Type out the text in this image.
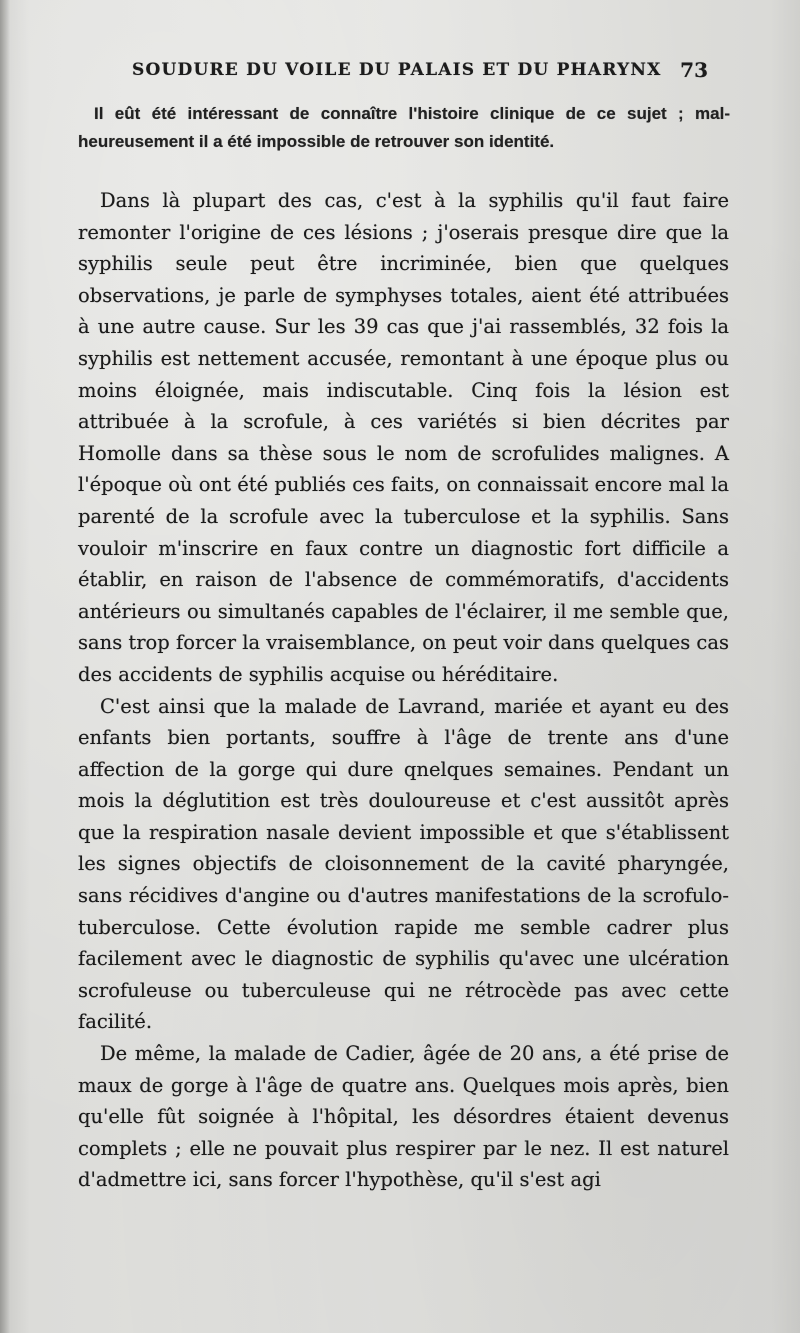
SOUDURE DU VOILE DU PALAIS ET DU PHARYNX 73
Il eût été intéressant de connaître l'histoire clinique de ce sujet ; mal-
heureusement il a été impossible de retrouver son identité.

Dans là plupart des cas, c'est à la syphilis qu'il faut faire remonter l'origine de ces lésions ; j'oserais presque dire que la syphilis seule peut être incriminée, bien que quelques observations, je parle de symphyses totales, aient été attribuées à une autre cause. Sur les 39 cas que j'ai rassemblés, 32 fois la syphilis est nettement accusée, remontant à une époque plus ou moins éloignée, mais indiscutable. Cinq fois la lésion est attribuée à la scrofule, à ces variétés si bien décrites par Homolle dans sa thèse sous le nom de scrofulides malignes. A l'époque où ont été publiés ces faits, on connaissait encore mal la parenté de la scrofule avec la tuberculose et la syphilis. Sans vouloir m'inscrire en faux contre un diagnostic fort difficile a établir, en raison de l'absence de commémoratifs, d'accidents antérieurs ou simultanés capables de l'éclairer, il me semble que, sans trop forcer la vraisemblance, on peut voir dans quelques cas des accidents de syphilis acquise ou héréditaire.

C'est ainsi que la malade de Lavrand, mariée et ayant eu des enfants bien portants, souffre à l'âge de trente ans d'une affection de la gorge qui dure qnelques semaines. Pendant un mois la déglutition est très douloureuse et c'est aussitôt après que la respiration nasale devient impossible et que s'établissent les signes objectifs de cloisonnement de la cavité pharyngée, sans récidives d'angine ou d'autres manifestations de la scrofulo-tuberculose. Cette évolution rapide me semble cadrer plus facilement avec le diagnostic de syphilis qu'avec une ulcération scrofuleuse ou tuberculeuse qui ne rétrocède pas avec cette facilité.

De même, la malade de Cadier, âgée de 20 ans, a été prise de maux de gorge à l'âge de quatre ans. Quelques mois après, bien qu'elle fût soignée à l'hôpital, les désordres étaient devenus complets ; elle ne pouvait plus respirer par le nez. Il est naturel d'admettre ici, sans forcer l'hypothèse, qu'il s'est agi
